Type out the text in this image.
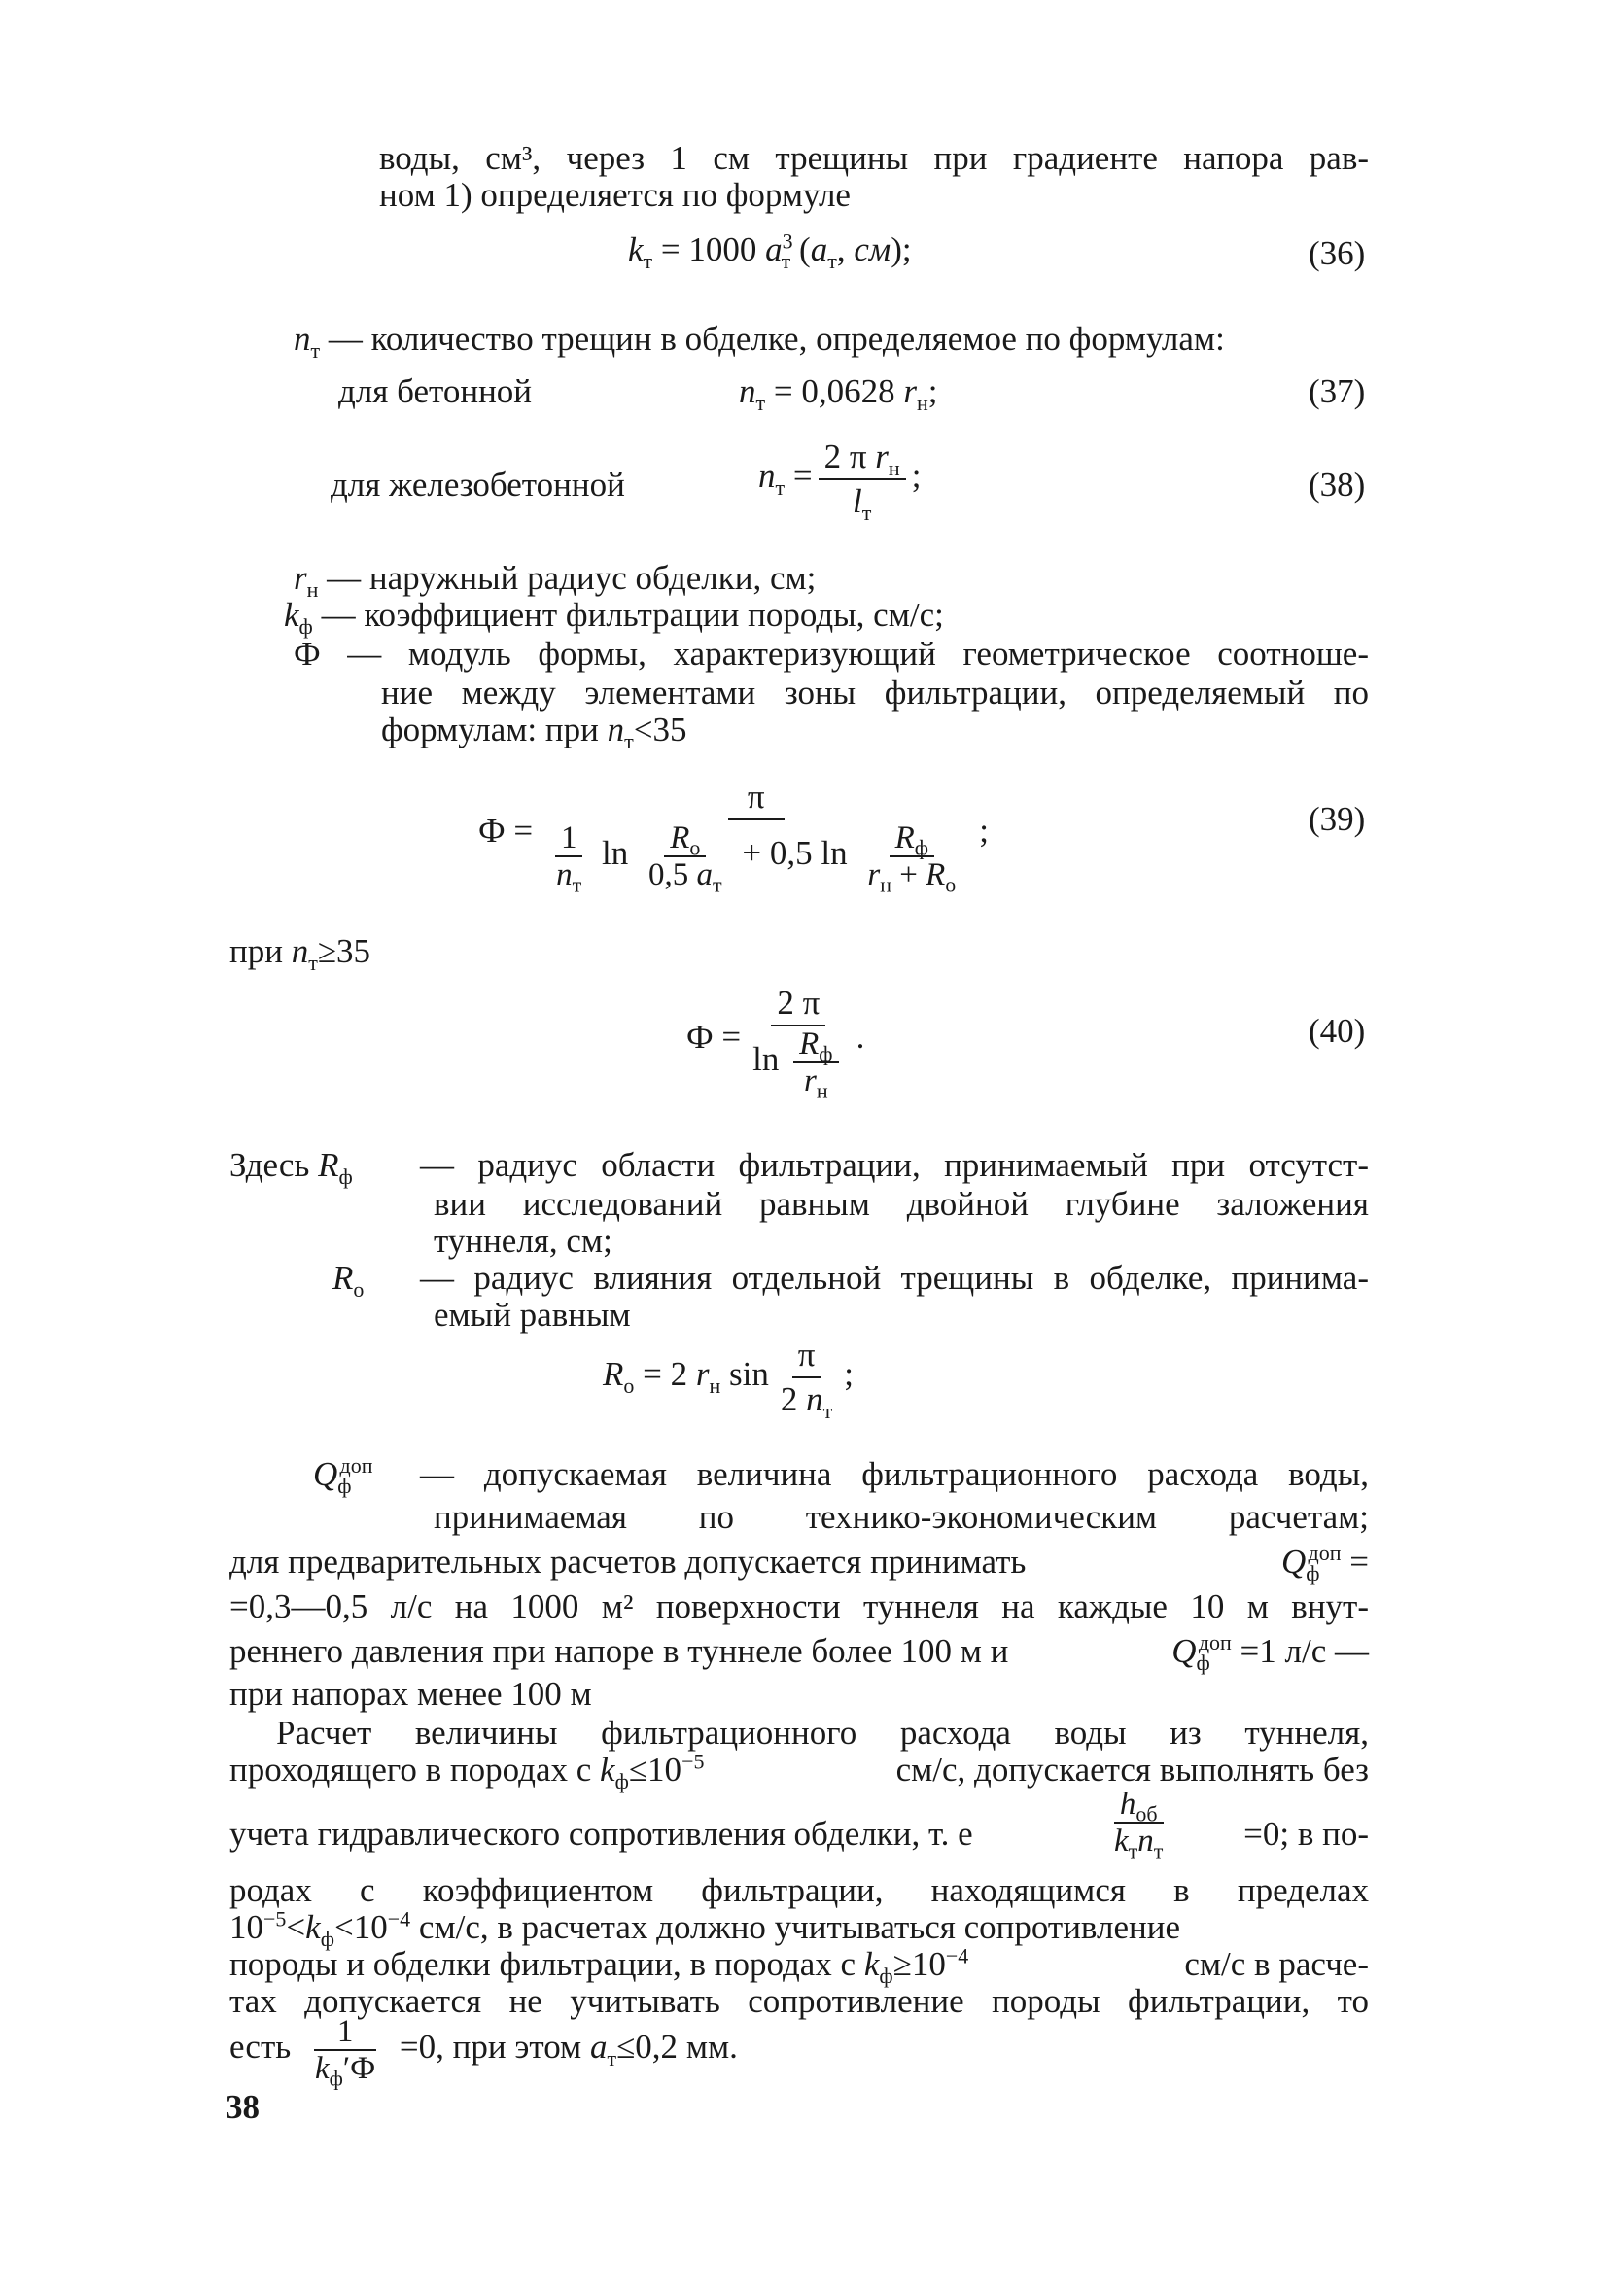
воды, см³, через 1 см трещины при градиенте напора рав-
ном 1) определяется по формуле
$k_т = 1000$ $a^3_т$ ($a_т$, см);	(36)
$n_т$ — количество трещин в обделке, определяемое по формулам:
для бетонной	$n_т = 0,0628$ $r_н$;	(37)
для железобетонной	$n_т = \frac{2 \pi r_н}{l_т}$ ;	(38)
$r_н$ — наружный радиус обделки, см;
$k_ф$ — коэффициент фильтрации породы, см/с;
Ф — модуль формы, характеризующий геометрическое соотноше-
ние между элементами зоны фильтрации, определяемый по
формулам: при $n_т<35$
$Ф = \frac{\pi}{\frac{1}{n_т} \ln \frac{R_о}{0,5 a_т} + 0,5 \ln \frac{R_ф}{r_н + R_о}}$ ;	(39)
при $n_т\ge 35$
$Ф = \frac{2 \pi}{\ln \frac{R_ф}{r_н}}$ .	(40)
Здесь $R_ф$ — радиус области фильтрации, принимаемый при отсутст-
вии исследований равным двойной глубине заложения
туннеля, см;
$R_о$ — радиус влияния отдельной трещины в обделке, принима-
емый равным
$R_о = 2$ $r_н$ $\sin \frac{\pi}{2 n_т}$ ;
$Q_ф^{доп}$ — допускаемая величина фильтрационного расхода воды,
принимаемая по технико-экономическим расчетам;
для предварительных расчетов допускается принимать	$Q_ф^{доп}$ =
=0,3—0,5 л/с на 1000 м² поверхности туннеля на каждые 10 м внут-
реннего давления при напоре в туннеле более 100 м и	$Q_ф^{доп} =1$ л/с —
при напорах менее 100 м
Расчет величины фильтрационного расхода воды из туннеля,
проходящего в породах с $k_ф\le 10^{-5}$	см/с, допускается выполнять без
учета гидравлического сопротивления обделки, т. е	$\frac{h_{об}}{k_тn_т} =0$; в по-
родах с коэффициентом фильтрации, находящимся в пределах
$10^{-5}<k_ф<10^{-4}$ см/с, в расчетах должно учитываться сопротивление
породы и обделки фильтрации, в породах с $k_ф\ge 10^{-4}$	см/с в расче-
тах допускается не учитывать сопротивление породы фильтрации, то
есть $\frac{1}{k_ф'Ф} =0$, при этом $a_т\le 0,2$ мм.
38
